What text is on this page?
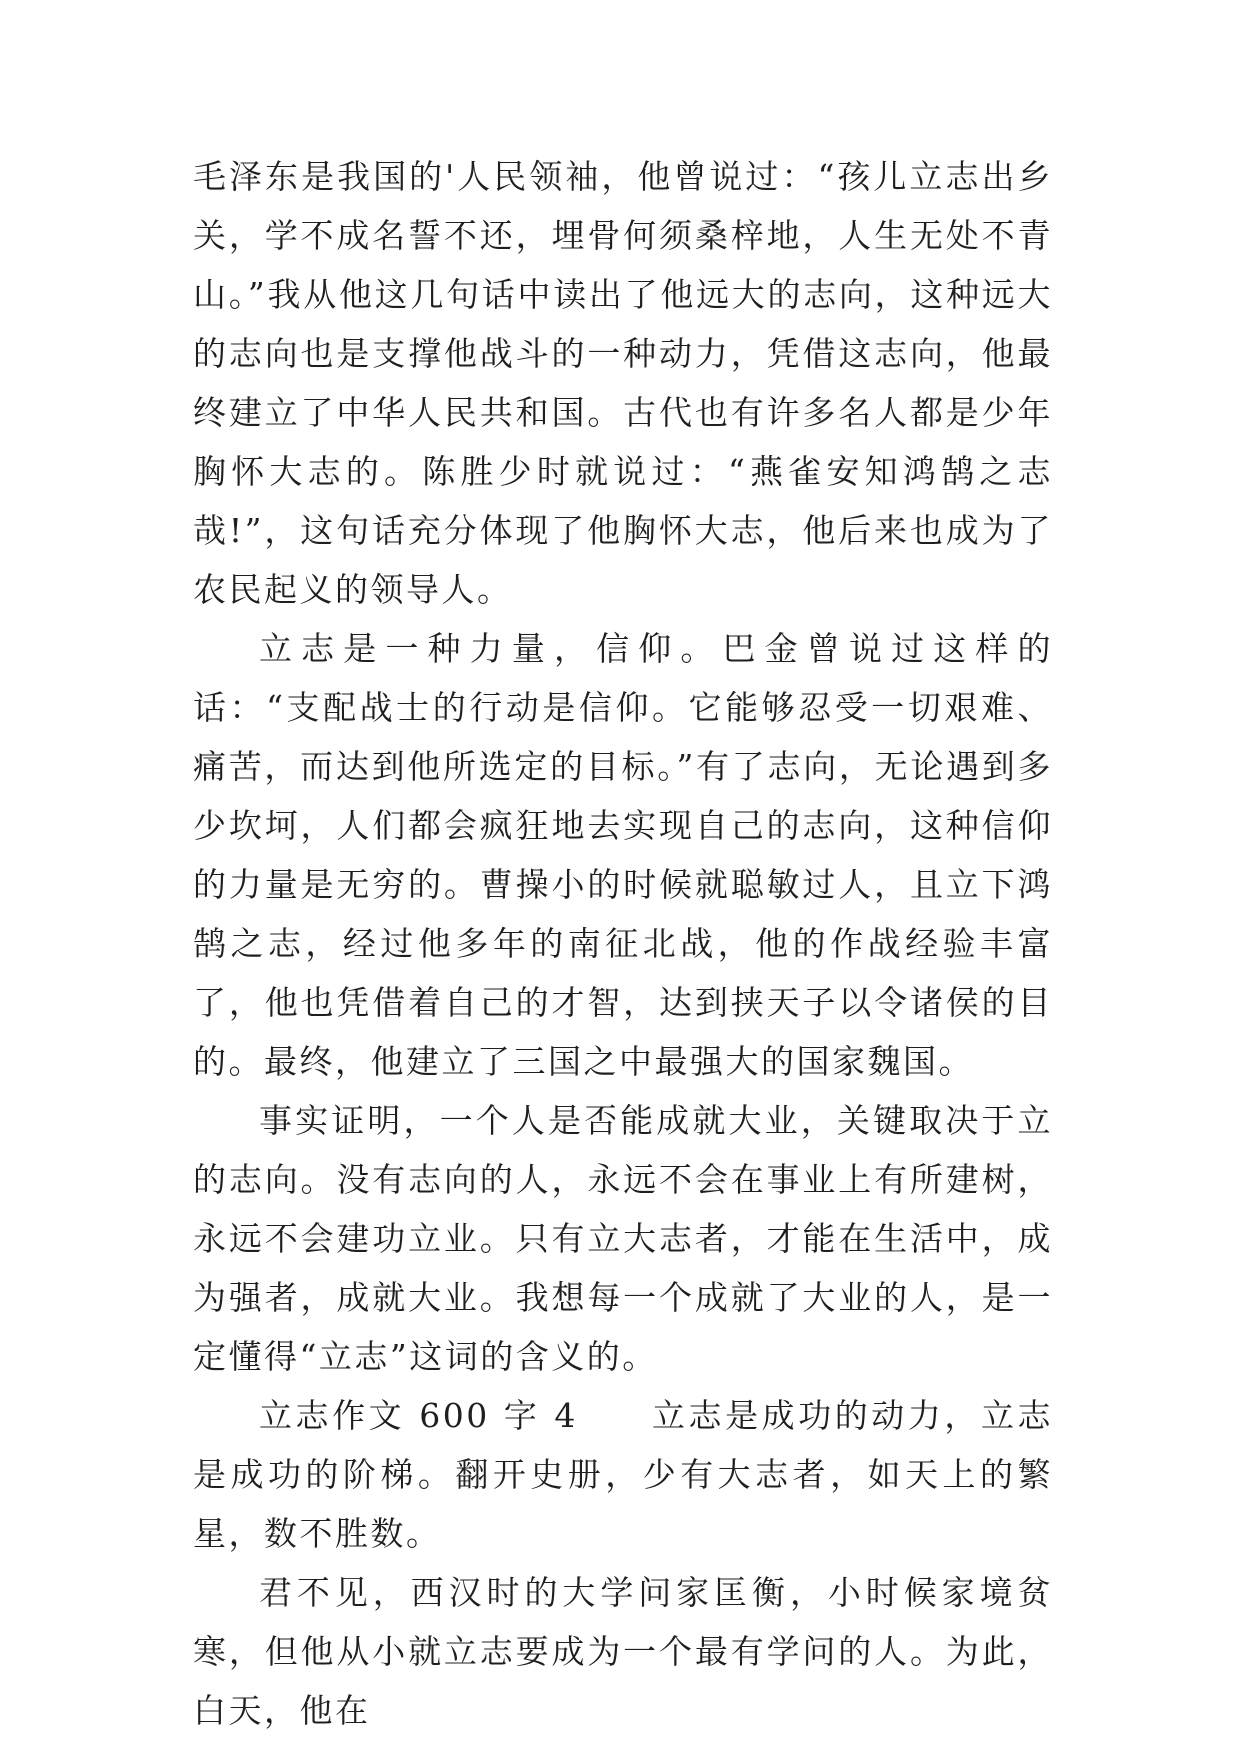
毛泽东是我国的'人民领袖，他曾说过：“孩儿立志出乡关，学不成名誓不还，埋骨何须桑梓地，人生无处不青山。”我从他这几句话中读出了他远大的志向，这种远大的志向也是支撑他战斗的一种动力，凭借这志向，他最终建立了中华人民共和国。古代也有许多名人都是少年胸怀大志的。陈胜少时就说过：“燕雀安知鸿鹄之志哉!”，这句话充分体现了他胸怀大志，他后来也成为了农民起义的领导人。

立志是一种力量，信仰。巴金曾说过这样的话：“支配战士的行动是信仰。它能够忍受一切艰难、痛苦，而达到他所选定的目标。”有了志向，无论遇到多少坎坷，人们都会疯狂地去实现自己的志向，这种信仰的力量是无穷的。曹操小的时候就聪敏过人，且立下鸿鹄之志，经过他多年的南征北战，他的作战经验丰富了，他也凭借着自己的才智，达到挟天子以令诸侯的目的。最终，他建立了三国之中最强大的国家魏国。

事实证明，一个人是否能成就大业，关键取决于立的志向。没有志向的人，永远不会在事业上有所建树，永远不会建功立业。只有立大志者，才能在生活中，成为强者，成就大业。我想每一个成就了大业的人，是一定懂得“立志”这词的含义的。

立志作文 600 字 4　　立志是成功的动力，立志是成功的阶梯。翻开史册，少有大志者，如天上的繁星，数不胜数。

君不见，西汉时的大学问家匡衡，小时候家境贫寒，但他从小就立志要成为一个最有学问的人。为此，白天，他在
